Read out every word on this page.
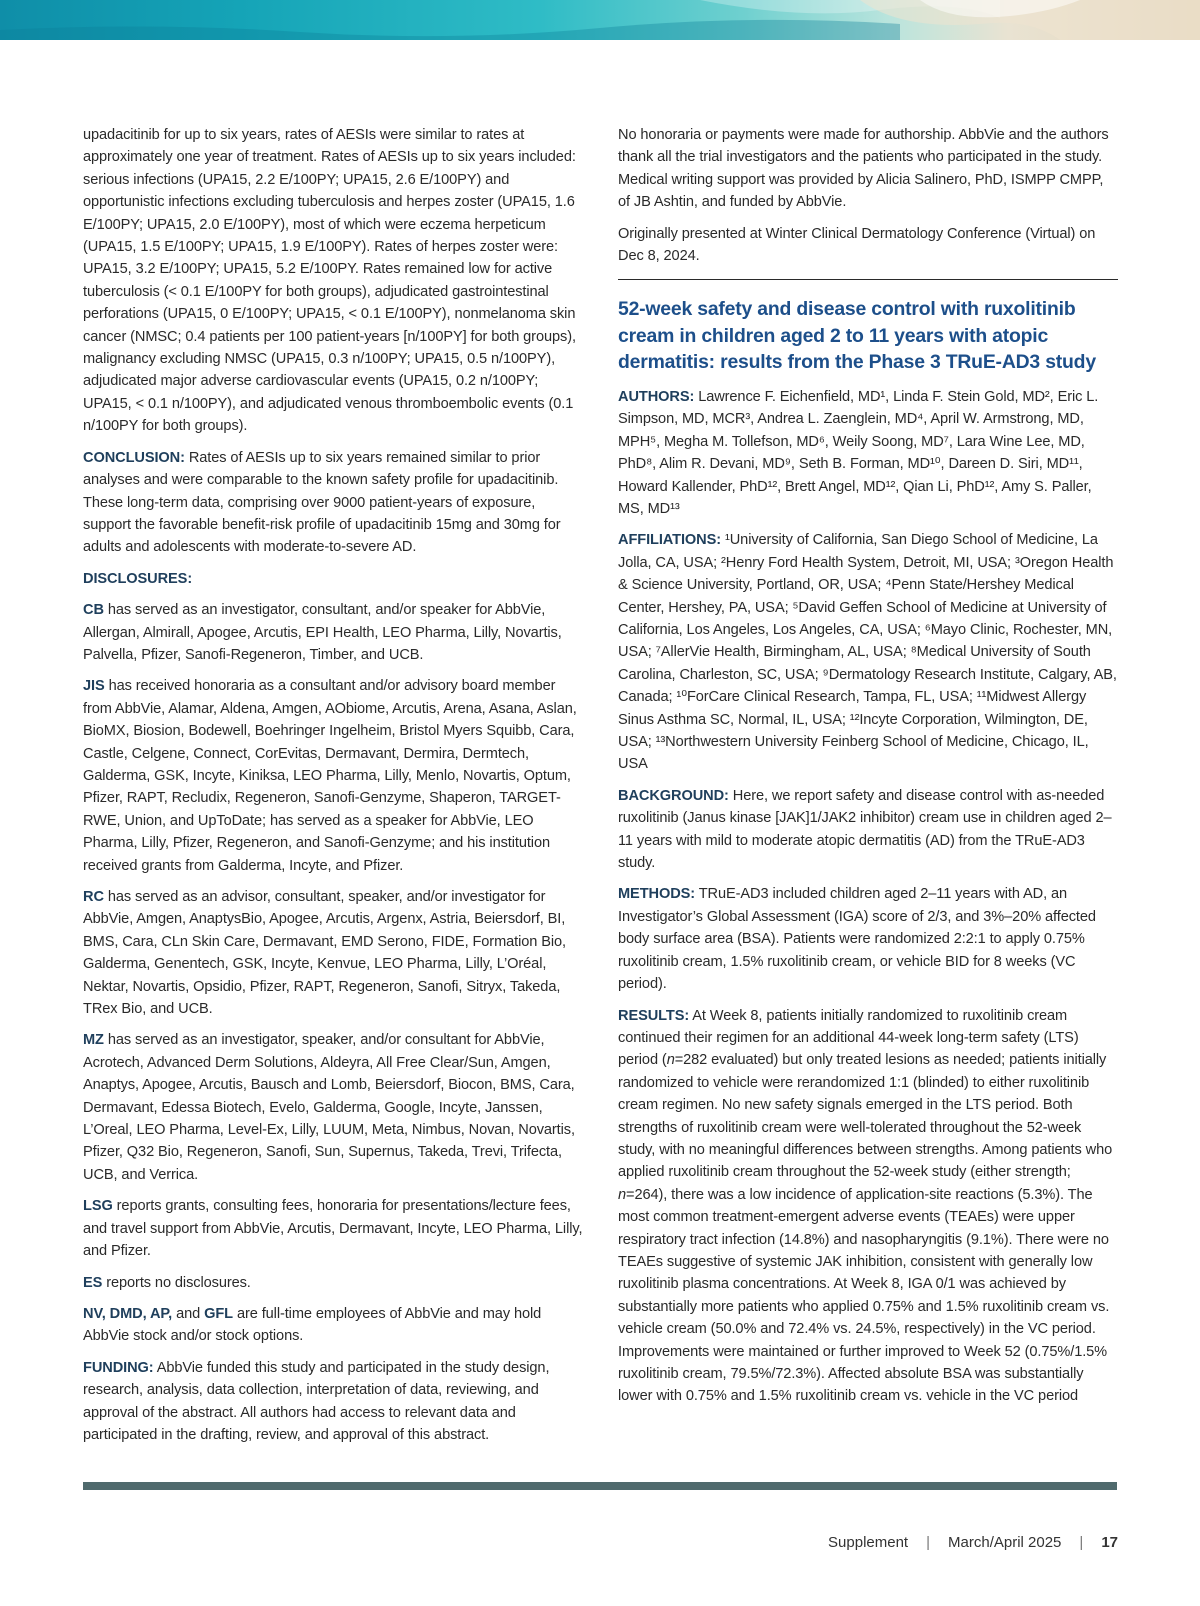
upadacitinib for up to six years, rates of AESIs were similar to rates at approximately one year of treatment. Rates of AESIs up to six years included: serious infections (UPA15, 2.2 E/100PY; UPA15, 2.6 E/100PY) and opportunistic infections excluding tuberculosis and herpes zoster (UPA15, 1.6 E/100PY; UPA15, 2.0 E/100PY), most of which were eczema herpeticum (UPA15, 1.5 E/100PY; UPA15, 1.9 E/100PY). Rates of herpes zoster were: UPA15, 3.2 E/100PY; UPA15, 5.2 E/100PY. Rates remained low for active tuberculosis (< 0.1 E/100PY for both groups), adjudicated gastrointestinal perforations (UPA15, 0 E/100PY; UPA15, < 0.1 E/100PY), nonmelanoma skin cancer (NMSC; 0.4 patients per 100 patient-years [n/100PY] for both groups), malignancy excluding NMSC (UPA15, 0.3 n/100PY; UPA15, 0.5 n/100PY), adjudicated major adverse cardiovascular events (UPA15, 0.2 n/100PY; UPA15, < 0.1 n/100PY), and adjudicated venous thromboembolic events (0.1 n/100PY for both groups).

CONCLUSION: Rates of AESIs up to six years remained similar to prior analyses and were comparable to the known safety profile for upadacitinib. These long-term data, comprising over 9000 patient-years of exposure, support the favorable benefit-risk profile of upadacitinib 15mg and 30mg for adults and adolescents with moderate-to-severe AD.

DISCLOSURES:

CB has served as an investigator, consultant, and/or speaker for AbbVie, Allergan, Almirall, Apogee, Arcutis, EPI Health, LEO Pharma, Lilly, Novartis, Palvella, Pfizer, Sanofi-Regeneron, Timber, and UCB.

JIS has received honoraria as a consultant and/or advisory board member from AbbVie, Alamar, Aldena, Amgen, AObiome, Arcutis, Arena, Asana, Aslan, BioMX, Biosion, Bodewell, Boehringer Ingelheim, Bristol Myers Squibb, Cara, Castle, Celgene, Connect, CorEvitas, Dermavant, Dermira, Dermtech, Galderma, GSK, Incyte, Kiniksa, LEO Pharma, Lilly, Menlo, Novartis, Optum, Pfizer, RAPT, Recludix, Regeneron, Sanofi-Genzyme, Shaperon, TARGET-RWE, Union, and UpToDate; has served as a speaker for AbbVie, LEO Pharma, Lilly, Pfizer, Regeneron, and Sanofi-Genzyme; and his institution received grants from Galderma, Incyte, and Pfizer.

RC has served as an advisor, consultant, speaker, and/or investigator for AbbVie, Amgen, AnaptysBio, Apogee, Arcutis, Argenx, Astria, Beiersdorf, BI, BMS, Cara, CLn Skin Care, Dermavant, EMD Serono, FIDE, Formation Bio, Galderma, Genentech, GSK, Incyte, Kenvue, LEO Pharma, Lilly, L’Oréal, Nektar, Novartis, Opsidio, Pfizer, RAPT, Regeneron, Sanofi, Sitryx, Takeda, TRex Bio, and UCB.

MZ has served as an investigator, speaker, and/or consultant for AbbVie, Acrotech, Advanced Derm Solutions, Aldeyra, All Free Clear/Sun, Amgen, Anaptys, Apogee, Arcutis, Bausch and Lomb, Beiersdorf, Biocon, BMS, Cara, Dermavant, Edessa Biotech, Evelo, Galderma, Google, Incyte, Janssen, L’Oreal, LEO Pharma, Level-Ex, Lilly, LUUM, Meta, Nimbus, Novan, Novartis, Pfizer, Q32 Bio, Regeneron, Sanofi, Sun, Supernus, Takeda, Trevi, Trifecta, UCB, and Verrica.

LSG reports grants, consulting fees, honoraria for presentations/lecture fees, and travel support from AbbVie, Arcutis, Dermavant, Incyte, LEO Pharma, Lilly, and Pfizer.

ES reports no disclosures.

NV, DMD, AP, and GFL are full-time employees of AbbVie and may hold AbbVie stock and/or stock options.

FUNDING: AbbVie funded this study and participated in the study design, research, analysis, data collection, interpretation of data, reviewing, and approval of the abstract. All authors had access to relevant data and participated in the drafting, review, and approval of this abstract.

No honoraria or payments were made for authorship. AbbVie and the authors thank all the trial investigators and the patients who participated in the study. Medical writing support was provided by Alicia Salinero, PhD, ISMPP CMPP, of JB Ashtin, and funded by AbbVie.

Originally presented at Winter Clinical Dermatology Conference (Virtual) on Dec 8, 2024.

52-week safety and disease control with ruxolitinib cream in children aged 2 to 11 years with atopic dermatitis: results from the Phase 3 TRuE-AD3 study

AUTHORS: Lawrence F. Eichenfield, MD¹, Linda F. Stein Gold, MD², Eric L. Simpson, MD, MCR³, Andrea L. Zaenglein, MD⁴, April W. Armstrong, MD, MPH⁵, Megha M. Tollefson, MD⁶, Weily Soong, MD⁷, Lara Wine Lee, MD, PhD⁸, Alim R. Devani, MD⁹, Seth B. Forman, MD¹⁰, Dareen D. Siri, MD¹¹, Howard Kallender, PhD¹², Brett Angel, MD¹², Qian Li, PhD¹², Amy S. Paller, MS, MD¹³

AFFILIATIONS: ¹University of California, San Diego School of Medicine, La Jolla, CA, USA; ²Henry Ford Health System, Detroit, MI, USA; ³Oregon Health & Science University, Portland, OR, USA; ⁴Penn State/Hershey Medical Center, Hershey, PA, USA; ⁵David Geffen School of Medicine at University of California, Los Angeles, Los Angeles, CA, USA; ⁶Mayo Clinic, Rochester, MN, USA; ⁷AllerVie Health, Birmingham, AL, USA; ⁸Medical University of South Carolina, Charleston, SC, USA; ⁹Dermatology Research Institute, Calgary, AB, Canada; ¹⁰ForCare Clinical Research, Tampa, FL, USA; ¹¹Midwest Allergy Sinus Asthma SC, Normal, IL, USA; ¹²Incyte Corporation, Wilmington, DE, USA; ¹³Northwestern University Feinberg School of Medicine, Chicago, IL, USA

BACKGROUND: Here, we report safety and disease control with as-needed ruxolitinib (Janus kinase [JAK]1/JAK2 inhibitor) cream use in children aged 2–11 years with mild to moderate atopic dermatitis (AD) from the TRuE-AD3 study.

METHODS: TRuE-AD3 included children aged 2–11 years with AD, an Investigator’s Global Assessment (IGA) score of 2/3, and 3%–20% affected body surface area (BSA). Patients were randomized 2:2:1 to apply 0.75% ruxolitinib cream, 1.5% ruxolitinib cream, or vehicle BID for 8 weeks (VC period).

RESULTS: At Week 8, patients initially randomized to ruxolitinib cream continued their regimen for an additional 44-week long-term safety (LTS) period (n=282 evaluated) but only treated lesions as needed; patients initially randomized to vehicle were rerandomized 1:1 (blinded) to either ruxolitinib cream regimen. No new safety signals emerged in the LTS period. Both strengths of ruxolitinib cream were well-tolerated throughout the 52-week study, with no meaningful differences between strengths. Among patients who applied ruxolitinib cream throughout the 52-week study (either strength; n=264), there was a low incidence of application-site reactions (5.3%). The most common treatment-emergent adverse events (TEAEs) were upper respiratory tract infection (14.8%) and nasopharyngitis (9.1%). There were no TEAEs suggestive of systemic JAK inhibition, consistent with generally low ruxolitinib plasma concentrations. At Week 8, IGA 0/1 was achieved by substantially more patients who applied 0.75% and 1.5% ruxolitinib cream vs. vehicle cream (50.0% and 72.4% vs. 24.5%, respectively) in the VC period. Improvements were maintained or further improved to Week 52 (0.75%/1.5% ruxolitinib cream, 79.5%/72.3%). Affected absolute BSA was substantially lower with 0.75% and 1.5% ruxolitinib cream vs. vehicle in the VC period

Supplement | March/April 2025 | 17
